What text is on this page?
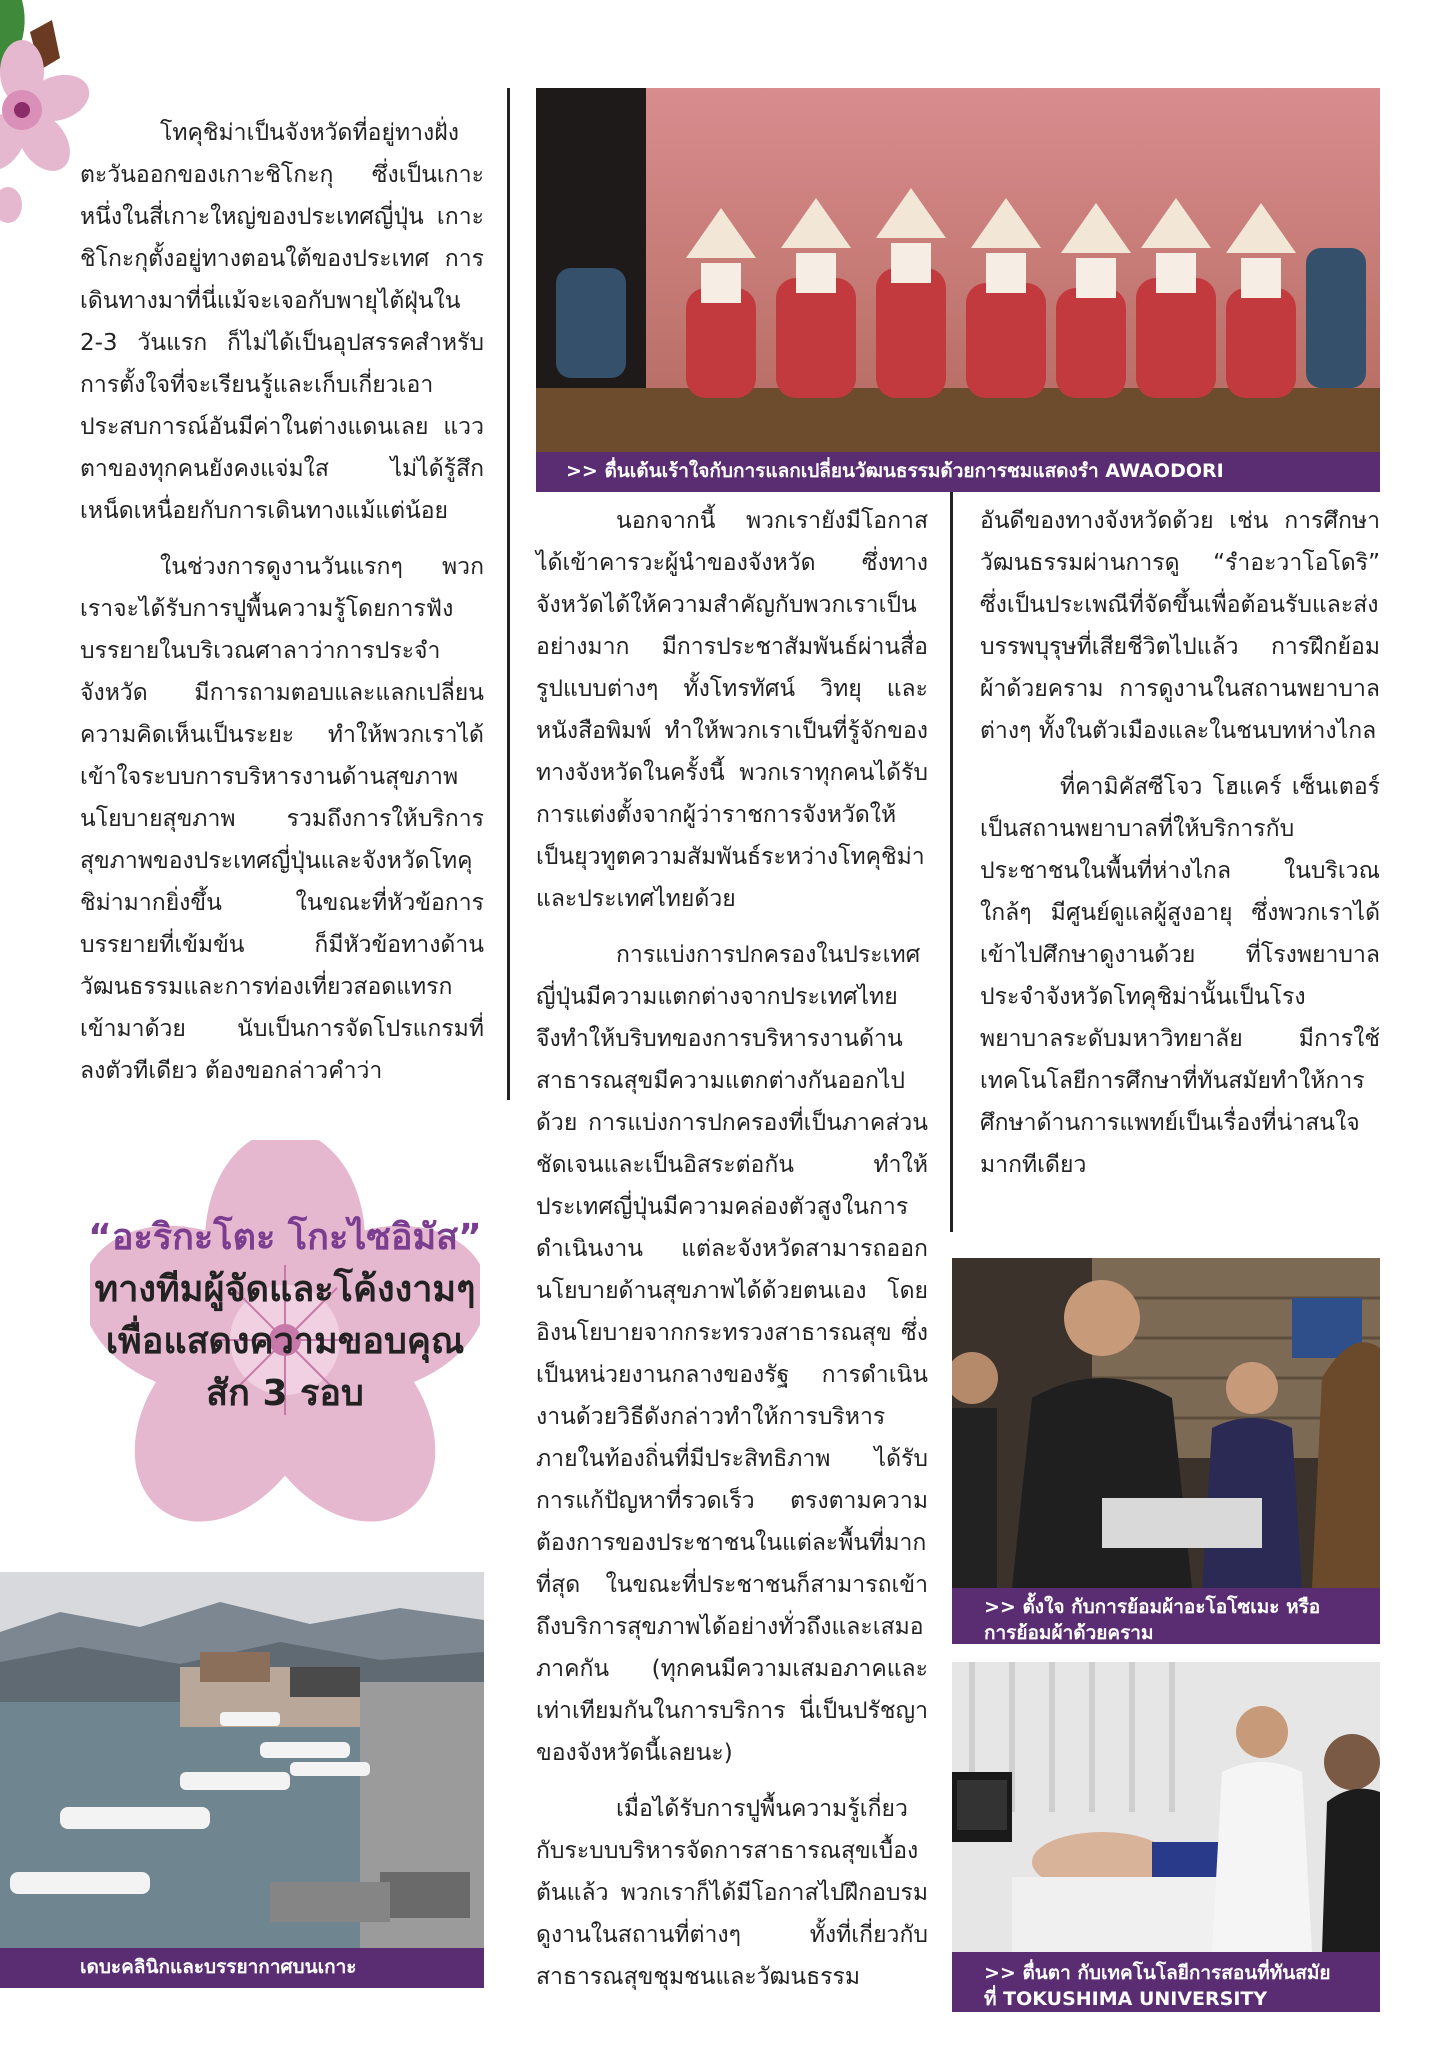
โทคุชิม่าเป็นจังหวัดที่อยู่ทางฝั่งตะวันออกของเกาะชิโกะกุ ซึ่งเป็นเกาะหนึ่งในสี่เกาะใหญ่ของประเทศญี่ปุ่น เกาะชิโกะกุตั้งอยู่ทางตอนใต้ของประเทศ การเดินทางมาที่นี่แม้จะเจอกับพายุไต้ฝุ่นใน 2-3 วันแรก ก็ไม่ได้เป็นอุปสรรคสำหรับการตั้งใจที่จะเรียนรู้และเก็บเกี่ยวเอาประสบการณ์อันมีค่าในต่างแดนเลย แววตาของทุกคนยังคงแจ่มใส ไม่ได้รู้สึกเหน็ดเหนื่อยกับการเดินทางแม้แต่น้อย

ในช่วงการดูงานวันแรกๆ พวกเราจะได้รับการปูพื้นความรู้โดยการฟังบรรยายในบริเวณศาลาว่าการประจำจังหวัด มีการถามตอบและแลกเปลี่ยนความคิดเห็นเป็นระยะ ทำให้พวกเราได้เข้าใจระบบการบริหารงานด้านสุขภาพนโยบายสุขภาพ รวมถึงการให้บริการสุขภาพของประเทศญี่ปุ่นและจังหวัดโทคุชิม่ามากยิ่งขึ้น ในขณะที่หัวข้อการบรรยายที่เข้มข้น ก็มีหัวข้อทางด้านวัฒนธรรมและการท่องเที่ยวสอดแทรกเข้ามาด้วย นับเป็นการจัดโปรแกรมที่ลงตัวทีเดียว ต้องขอกล่าวคำว่า

“อะริกะโตะ โกะไซอิมัส”
ทางทีมผู้จัดและโค้งงามๆ
เพื่อแสดงความขอบคุณ
สัก 3 รอบ
เดบะคลินิกและบรรยากาศบนเกาะ
>> ตื่นเต้นเร้าใจกับการแลกเปลี่ยนวัฒนธรรมด้วยการชมแสดงรำ AWAODORI

นอกจากนี้ พวกเรายังมีโอกาสได้เข้าคารวะผู้นำของจังหวัด ซึ่งทางจังหวัดได้ให้ความสำคัญกับพวกเราเป็นอย่างมาก มีการประชาสัมพันธ์ผ่านสื่อรูปแบบต่างๆ ทั้งโทรทัศน์ วิทยุ และหนังสือพิมพ์ ทำให้พวกเราเป็นที่รู้จักของทางจังหวัดในครั้งนี้ พวกเราทุกคนได้รับการแต่งตั้งจากผู้ว่าราชการจังหวัดให้เป็นยุวทูตความสัมพันธ์ระหว่างโทคุชิม่าและประเทศไทยด้วย

การแบ่งการปกครองในประเทศญี่ปุ่นมีความแตกต่างจากประเทศไทย จึงทำให้บริบทของการบริหารงานด้านสาธารณสุขมีความแตกต่างกันออกไปด้วย การแบ่งการปกครองที่เป็นภาคส่วนชัดเจนและเป็นอิสระต่อกัน ทำให้ประเทศญี่ปุ่นมีความคล่องตัวสูงในการดำเนินงาน แต่ละจังหวัดสามารถออกนโยบายด้านสุขภาพได้ด้วยตนเอง โดยอิงนโยบายจากกระทรวงสาธารณสุข ซึ่งเป็นหน่วยงานกลางของรัฐ การดำเนินงานด้วยวิธีดังกล่าวทำให้การบริหารภายในท้องถิ่นที่มีประสิทธิภาพ ได้รับการแก้ปัญหาที่รวดเร็ว ตรงตามความต้องการของประชาชนในแต่ละพื้นที่มากที่สุด ในขณะที่ประชาชนก็สามารถเข้าถึงบริการสุขภาพได้อย่างทั่วถึงและเสมอภาคกัน (ทุกคนมีความเสมอภาคและเท่าเทียมกันในการบริการ นี่เป็นปรัชญาของจังหวัดนี้เลยนะ)

เมื่อได้รับการปูพื้นความรู้เกี่ยวกับระบบบริหารจัดการสาธารณสุขเบื้องต้นแล้ว พวกเราก็ได้มีโอกาสไปฝึกอบรมดูงานในสถานที่ต่างๆ ทั้งที่เกี่ยวกับสาธารณสุขชุมชนและวัฒนธรรม

อันดีของทางจังหวัดด้วย เช่น การศึกษาวัฒนธรรมผ่านการดู “รำอะวาโอโดริ” ซึ่งเป็นประเพณีที่จัดขึ้นเพื่อต้อนรับและส่งบรรพบุรุษที่เสียชีวิตไปแล้ว การฝึกย้อมผ้าด้วยคราม การดูงานในสถานพยาบาลต่างๆ ทั้งในตัวเมืองและในชนบทห่างไกล

ที่คามิคัสซีโจว โฮแคร์ เซ็นเตอร์ เป็นสถานพยาบาลที่ให้บริการกับประชาชนในพื้นที่ห่างไกล ในบริเวณใกล้ๆ มีศูนย์ดูแลผู้สูงอายุ ซึ่งพวกเราได้เข้าไปศึกษาดูงานด้วย ที่โรงพยาบาลประจำจังหวัดโทคุชิม่านั้นเป็นโรงพยาบาลระดับมหาวิทยาลัย มีการใช้เทคโนโลยีการศึกษาที่ทันสมัยทำให้การศึกษาด้านการแพทย์เป็นเรื่องที่น่าสนใจมากทีเดียว

>> ตั้งใจ กับการย้อมผ้าอะโอโซเมะ หรือ
การย้อมผ้าด้วยคราม
>> ตื่นตา กับเทคโนโลยีการสอนที่ทันสมัย
ที่ TOKUSHIMA UNIVERSITY
